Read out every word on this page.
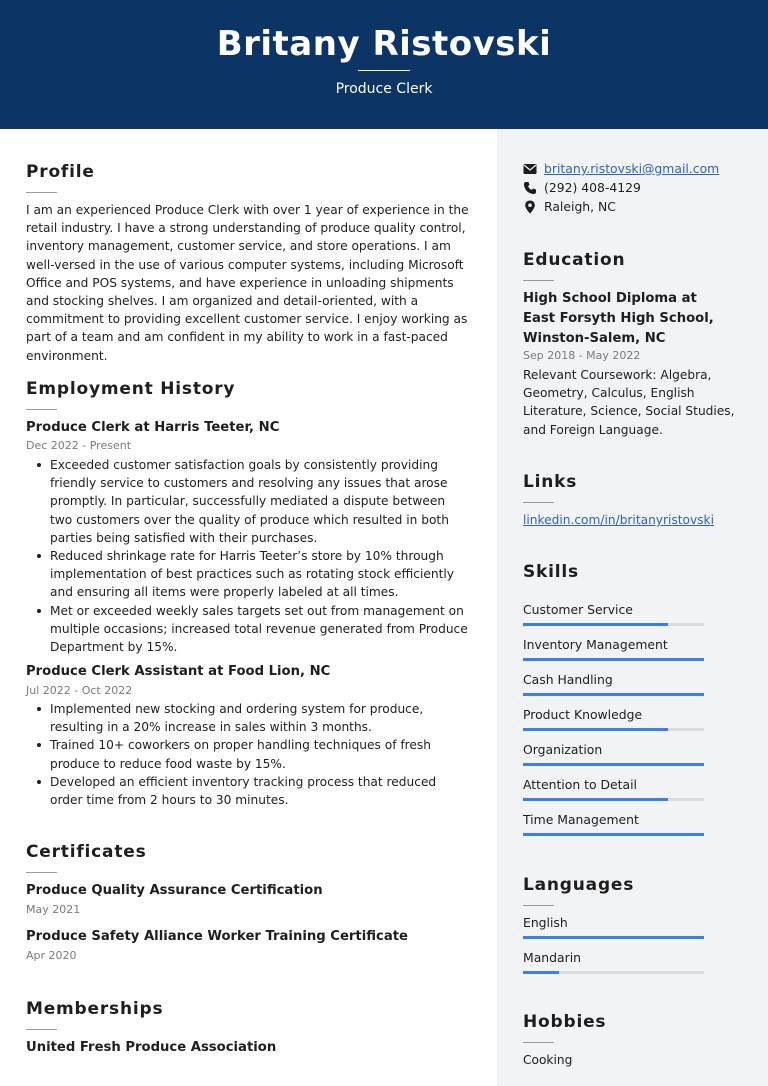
Britany Ristovski
Produce Clerk
Profile
I am an experienced Produce Clerk with over 1 year of experience in the retail industry. I have a strong understanding of produce quality control, inventory management, customer service, and store operations. I am well-versed in the use of various computer systems, including Microsoft Office and POS systems, and have experience in unloading shipments and stocking shelves. I am organized and detail-oriented, with a commitment to providing excellent customer service. I enjoy working as part of a team and am confident in my ability to work in a fast-paced environment.
Employment History
Produce Clerk at Harris Teeter, NC
Dec 2022 - Present
Exceeded customer satisfaction goals by consistently providing friendly service to customers and resolving any issues that arose promptly. In particular, successfully mediated a dispute between two customers over the quality of produce which resulted in both parties being satisfied with their purchases.
Reduced shrinkage rate for Harris Teeter’s store by 10% through implementation of best practices such as rotating stock efficiently and ensuring all items were properly labeled at all times.
Met or exceeded weekly sales targets set out from management on multiple occasions; increased total revenue generated from Produce Department by 15%.
Produce Clerk Assistant at Food Lion, NC
Jul 2022 - Oct 2022
Implemented new stocking and ordering system for produce, resulting in a 20% increase in sales within 3 months.
Trained 10+ coworkers on proper handling techniques of fresh produce to reduce food waste by 15%.
Developed an efficient inventory tracking process that reduced order time from 2 hours to 30 minutes.
Certificates
Produce Quality Assurance Certification
May 2021
Produce Safety Alliance Worker Training Certificate
Apr 2020
Memberships
United Fresh Produce Association
britany.ristovski@gmail.com
(292) 408-4129
Raleigh, NC
Education
High School Diploma at
East Forsyth High School,
Winston-Salem, NC
Sep 2018 - May 2022
Relevant Coursework: Algebra, Geometry, Calculus, English Literature, Science, Social Studies, and Foreign Language.
Links
linkedin.com/in/britanyristovski
Skills
Customer Service
Inventory Management
Cash Handling
Product Knowledge
Organization
Attention to Detail
Time Management
Languages
English
Mandarin
Hobbies
Cooking
